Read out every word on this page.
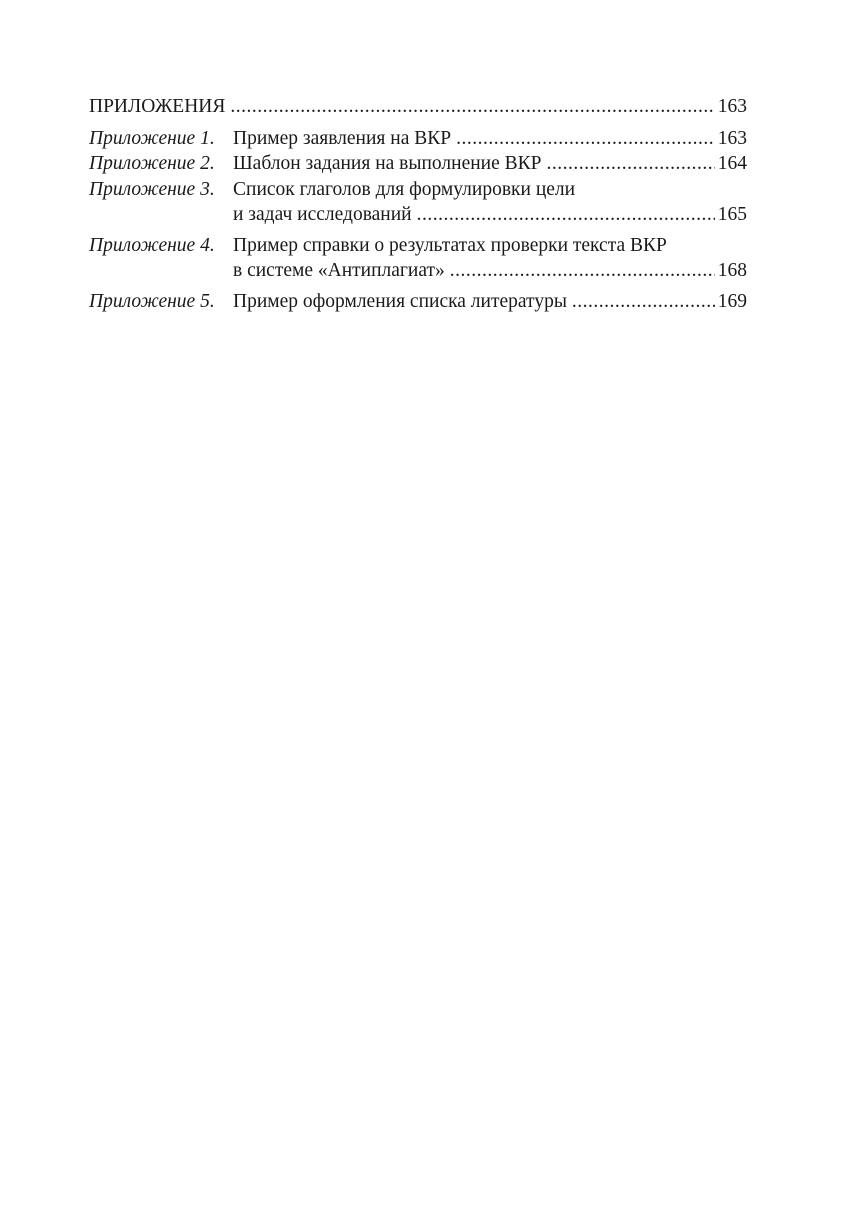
ПРИЛОЖЕНИЯ .....	163
Приложение 1. Пример заявления на ВКР .....	163
Приложение 2. Шаблон задания на выполнение ВКР .....	164
Приложение 3. Список глаголов для формулировки цели
и задач исследований .....	165
Приложение 4. Пример справки о результатах проверки текста ВКР
в системе «Антиплагиат» .....	168
Приложение 5. Пример оформления списка литературы .....	169
